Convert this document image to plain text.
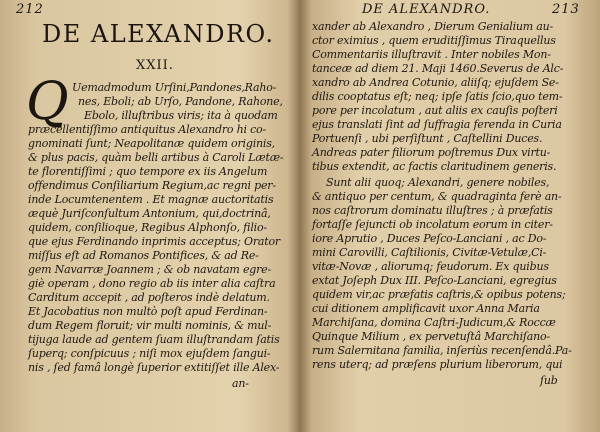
212
DE ALEXANDRO.
XXII.
Q Uemadmodum Urſini,Pandones,Raho-
nes, Eboli; ab Urſo, Pandone, Rahone,
Ebolo, illuſtribus viris; ita à quodam
præcellentiſſimo antiquitus Alexandro hi co-
gnominati ſunt; Neapolitanæ quidem originis,
& plus pacis, quàm belli artibus à Caroli Lætæ-
te florentiſſimi ; quo tempore ex iis Angelum
offendimus Conſiliarium Regium,ac regni per-
inde Locumtenentem . Et magnæ auctoritatis
æquè Juriſconſultum Antonium, qui,doctrinâ,
quidem, conſilioque, Regibus Alphonſo, filio-
que ejus Ferdinando inprimis acceptus; Orator
miſſus eſt ad Romanos Pontifices, & ad Re-
gem Navarræ Joannem ; & ob navatam egre-
giè operam , dono regio ab iis inter alia caſtra
Carditum accepit , ad poſteros indè delatum.
Et Jacobatius non multò poſt apud Ferdinan-
dum Regem floruit; vir multi nominis, & mul-
tijuga laude ad gentem ſuam illuſtrandam ſatis
ſuperq; conſpicuus ; niſi mox ejuſdem ſangui-
nis , ſed famâ longè ſuperior extitiſſet ille Alex-
an-
DE ALEXANDRO.	213
xander ab Alexandro , Dierum Genialium au-
ctor eximius , quem eruditiſſimus Tiraquellus
Commentariis illuſtravit . Inter nobiles Mon-
tanceæ ad diem 21. Maji 1460.Severus de Alc-
xandro ab Andrea Cotunio, aliiſq; ejuſdem Se-
dilis cooptatus eſt; neq; ipſe ſatis ſcio,quo tem-
pore per incolatum , aut aliis ex cauſis poſteri
ejus translati ſint ad ſuffragia ferenda in Curia
Portuenſi , ubi perſiſtunt , Caſtellini Duces.
Andreas pater filiorum poſtremus Dux virtu-
tibus extendit, ac factis claritudinem generis.
Sunt alii quoq; Alexandri, genere nobiles,
& antiquo per centum, & quadraginta ferè an-
nos caſtrorum dominatu illuſtres ; à præfatis
fortaſſe ſejuncti ob incolatum eorum in citer-
iore Aprutio , Duces Peſco-Lanciani , ac Do-
mini Carovilli, Caſtilionis, Civitæ-Vetulæ,Ci-
vitæ-Novæ , aliorumq; feudorum. Ex quibus
extat Joſeph Dux III. Peſco-Lanciani, egregius
quidem vir,ac præfatis caſtris,& opibus potens;
cui ditionem amplificavit uxor Anna Maria
Marchiſana, domina Caſtri-Judicum,& Roccæ
Quinque Milium , ex pervetuſtâ Marchiſano-
rum Salernitana familia, inſeriùs recenſendâ.Pa-
rens uterq; ad præſens plurium liberorum, qui
ſub
